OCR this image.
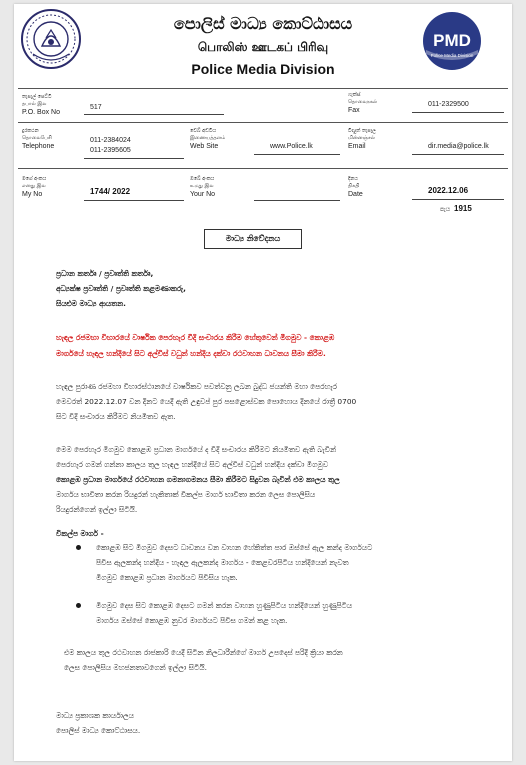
PMD
Police Media Division
පොලිස් මාධ්‍ය කොට්ඨාසය
பொலிஸ் ஊடகப் பிரிவு
Police Media Division
තැපැල් පෙට්ටි
தபால் இல
P.O. Box No
517
ෆැක්ස්
தொலைநகல்
Fax
011-2329500
දුරකථන
தொலைபேசி
Telephone
011-2384024
011-2395605
වෙබ් අඩවිය
இணையத்தளம்
Web Site	www.Police.lk
විද්‍යුත් තැපෑල
மின்னஞ்சல்
Email	dir.media@police.lk
මගේ අංකය
எனது இல
My No	1744/ 2022
ඔබේ අංකය
உமது இல
Your No
දිනය
திகதி
Date	2022.12.06
පැය 1915
මාධ්‍ය නිවේදනය
ප්‍රධාන කර්තෘ / ප්‍රවෘත්ති කර්තෘ,
අධ්‍යක්ෂ ප්‍රවෘත්ති / ප්‍රවෘත්ති කළමණාකරු,
සියළුම මාධ්‍ය ආයතන.
හැඳල රජමහා විහාරයේ වාර්ෂික පෙරහැර වීදි සංචාරය කිරීම හේතුවෙන් මීගමුව - කොළඹ
මාර්ගයේ හැඳල හන්දියේ සිට අල්විස් වධුන් හන්දිය දක්වා රථවාහන ධාවනය සීමා කිරීම.
හැඳල පුරාණ රජමහා විහාරස්ථානයේ වාර්ෂිකව පවත්වනු ලබන බුද්ධ ජයන්ති මහා පෙරහැර
මෙවරත් 2022.12.07 වන දිනට යෙදී ඇති උඳුවප් පුර පසළොස්වක පොහොය දිනයේ රාත්‍රී 0700
සිට වීදි සංචාරය කිරීමට නියමිතව ඇත.
මෙම පෙරහැර මීගමුව කොළඹ ප්‍රධාන මාර්ගයේ ද වීදි සංචාරය කිරීමට නියමිතව ඇති බැවින්
පෙරහැර ගමන් ගන්නා කාලය තුල හැඳල හන්දියේ සිට අල්විස් වධුන් හන්දිය දක්වා මීගමුව
කොළඹ ප්‍රධාන මාර්ගයේ රථවාහන ගමනාගමනය සීමා කිරීමට සිදුවන බැවින් එම කාලය තුල
මාර්ගය භාවිතා කරන රියදුරන් හැකිතාක් විකල්ප මාර්ග භාවිතා කරන ලෙස පොලිසිය
රියදුරන්ගෙන් ඉල්ලා සිටියි.
විකල්ප මාර්ග -
කොළඹ සිට මීගමුව දෙසට ධාවනය වන වාහන හේකිත්ත පාර ඔස්සේ ඇල කන්ද මාර්ගයට
පිවිස ඇලකන්ද හන්දිය - හැඳල ඇලකන්ද මාර්ගය - කෙළවරපිටිය හන්දියෙන් නැවත
මීගමුව කොළඹ ප්‍රධාන මාර්ගයට පිවිසිය හැක.
මීගමුව දෙස සිට කොළඹ දෙසට ගමන් කරන වාහන හුණුපිටිය හන්දියෙන් හුණුපිටිය
මාර්ගය ඔස්සේ කොළඹ නුවර මාර්ගයට පිවිස ගමන් කළ හැක.
එම කාලය තුල රථවාහන රාජකාරි යෙදී සිටින නිලධාරීන්ගේ මාර්ග උපදෙස් පරිදි ක්‍රියා කරන
ලෙස පොලිසිය මහජනතාවගෙන් ඉල්ලා සිටියි.
මාධ්‍ය ප්‍රකාශක කාර්යාලය
පොලිස් මාධ්‍ය කොට්ඨාසය.
